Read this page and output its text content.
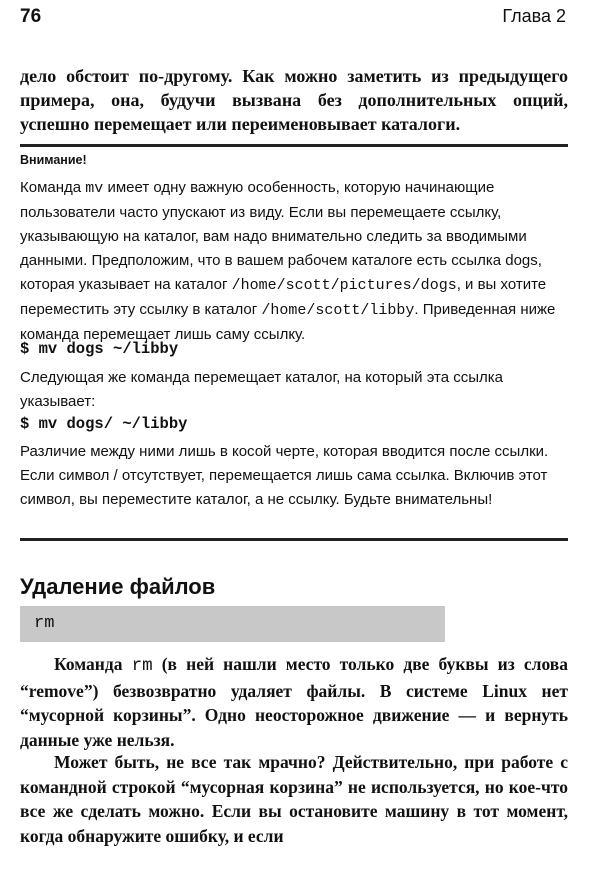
76	Глава 2
дело обстоит по-другому. Как можно заметить из предыдущего примера, она, будучи вызвана без дополнительных опций, успешно перемещает или переименовывает каталоги.
Внимание!
Команда mv имеет одну важную особенность, которую начинающие пользователи часто упускают из виду. Если вы перемещаете ссылку, указывающую на каталог, вам надо внимательно следить за вводимыми данными. Предположим, что в вашем рабочем каталоге есть ссылка dogs, которая указывает на каталог /home/scott/pictures/dogs, и вы хотите переместить эту ссылку в каталог /home/scott/libby. Приведенная ниже команда перемещает лишь саму ссылку.
$ mv dogs ~/libby
Следующая же команда перемещает каталог, на который эта ссылка указывает:
$ mv dogs/ ~/libby
Различие между ними лишь в косой черте, которая вводится после ссылки. Если символ / отсутствует, перемещается лишь сама ссылка. Включив этот символ, вы переместите каталог, а не ссылку. Будьте внимательны!
Удаление файлов
rm
Команда rm (в ней нашли место только две буквы из слова “remove”) безвозвратно удаляет файлы. В системе Linux нет “мусорной корзины”. Одно неосторожное движение — и вернуть данные уже нельзя.
Может быть, не все так мрачно? Действительно, при работе с командной строкой “мусорная корзина” не используется, но кое-что все же сделать можно. Если вы остановите машину в тот момент, когда обнаружите ошибку, и если
